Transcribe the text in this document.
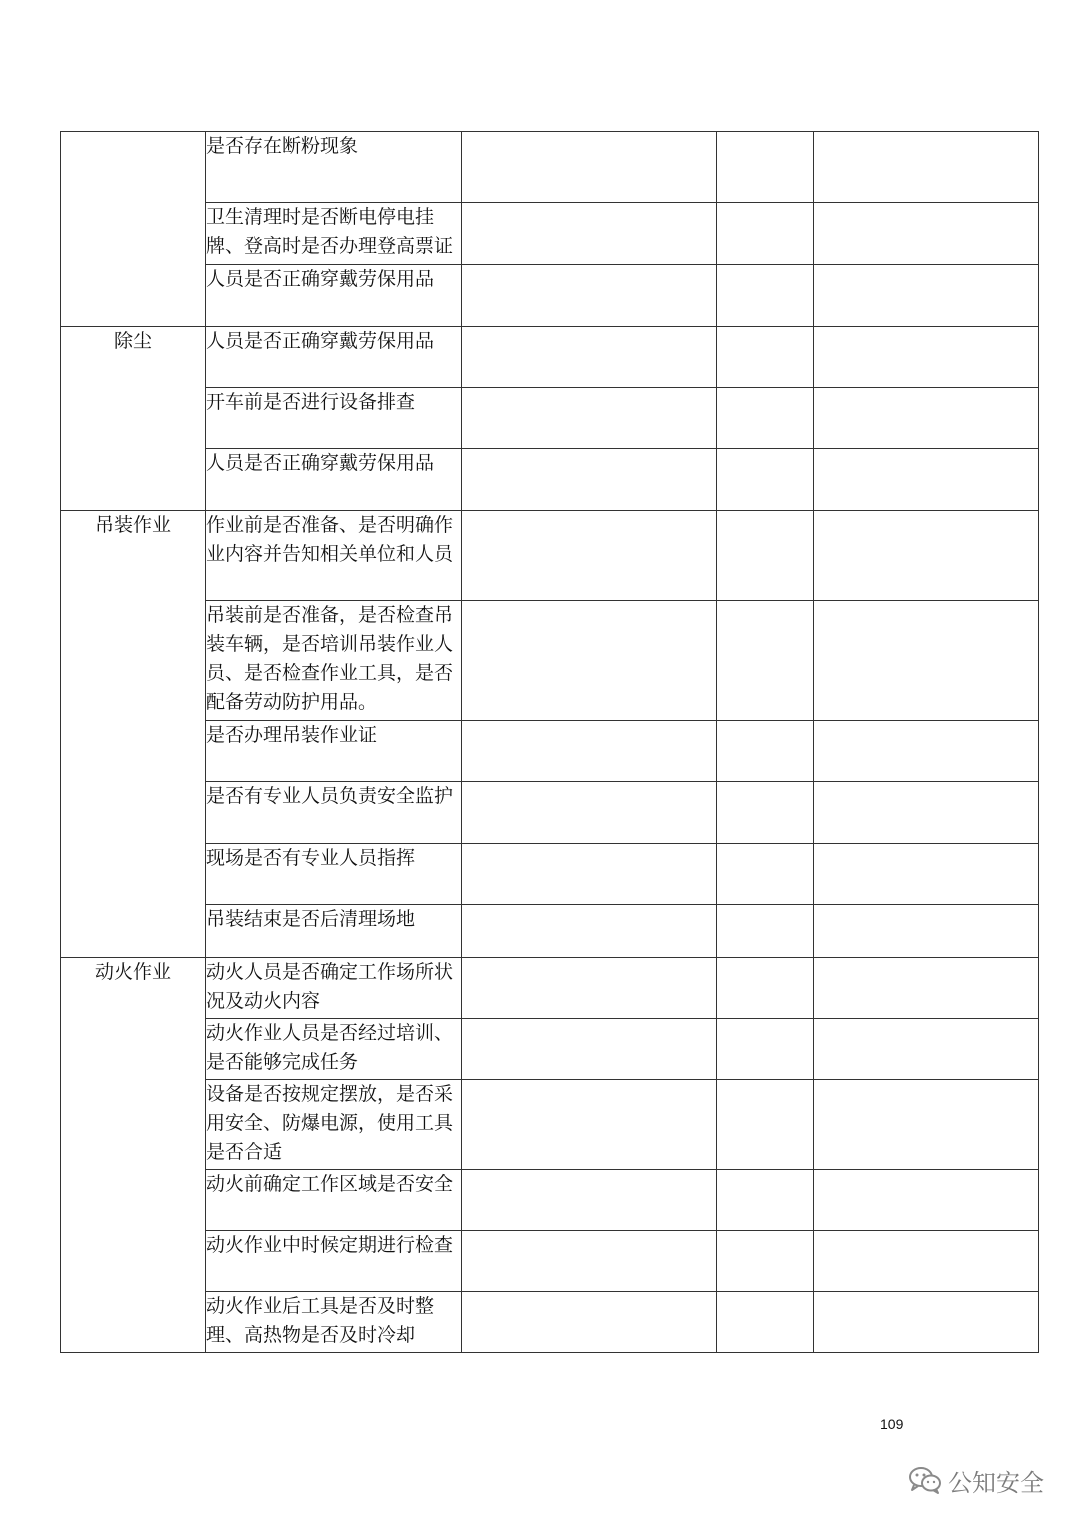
	是否存在断粉现象			
	卫生清理时是否断电停电挂牌、登高时是否办理登高票证			
	人员是否正确穿戴劳保用品			
除尘	人员是否正确穿戴劳保用品			
	开车前是否进行设备排查			
	人员是否正确穿戴劳保用品			
吊装作业	作业前是否准备、是否明确作业内容并告知相关单位和人员			
	吊装前是否准备，是否检查吊装车辆，是否培训吊装作业人员、是否检查作业工具，是否配备劳动防护用品。			
	是否办理吊装作业证			
	是否有专业人员负责安全监护			
	现场是否有专业人员指挥			
	吊装结束是否后清理场地			
动火作业	动火人员是否确定工作场所状况及动火内容			
	动火作业人员是否经过培训、是否能够完成任务			
	设备是否按规定摆放，是否采用安全、防爆电源，使用工具是否合适			
	动火前确定工作区域是否安全			
	动火作业中时候定期进行检查			
	动火作业后工具是否及时整理、高热物是否及时冷却			
109
公知安全
